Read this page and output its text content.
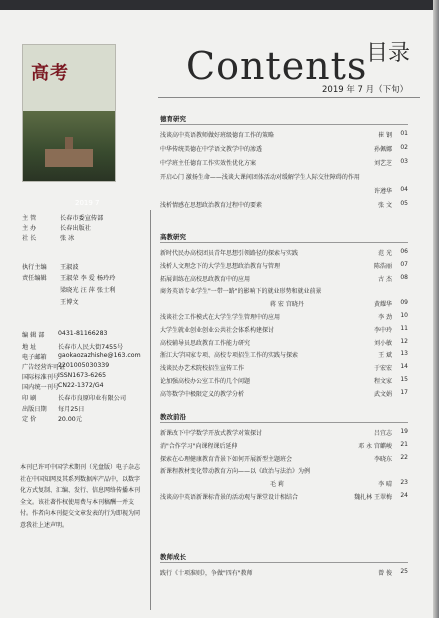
高考
2019 7
Contents
目录
2019 年 7 月（下旬）
德育研究
浅谈高中英语教师做好班级德育工作的策略	崔 钢 01
中华传统美德在中学语文教学中的渗透	孙佩娜 02
中学班主任德育工作实效性优化方案	刘艺芝 03
开启心门 激扬生命——浅谈大课间团体活动对缓解学生人际交往障碍的作用
许遵华 04
浅析情感在思想政治教育过程中的要素	张 文 05
高教研究
新时代民办高校团员青年思想引领路径的探索与实践	范 光 06
浅析人文理念下的大学生思想政治教育与管理	陈浩丽 07
拓展训练在高校思政教育中的应用	古 杰 08
商务英语专业学生"一带一路"的影响下的就业形势和就业前景
蒋 宏 宫晓丹	黄耀华 09
浅谈社会工作模式在大学生学生管理中的应用	李 劲 10
大学生就业创业创业公共社会体系构建探讨	李中玲 11
高校辅导员思政教育工作能力研究	刘小敏 12
浙江大学国家专项、高校专项招生工作的实践与探索	王 斌 13
浅谈民办艺术院校招生宣传工作	于宏宏 14
论加强高校办公室工作的几个问题	程文家 15
高等数学中极限定义的教学分析	武文娟 17
教改前沿
新课改下中学数学开放式教学对策探讨	吕宜志 19
消"合作学习"向课程课后延伸	邓 永 宫麒峻 21
探索在心理健康教育背景下如何开展新型主题班会	李晓东 22
新课程教材变化带动教育方向——以《政治与法治》为例
毛 莉	李 晴 23
浅谈高中英语新课标背景的活动观与课堂设计相结合	魏扎林 王翠梅 24
教师成长
践行《十项准则》，争做"四有"教师	曾 俊 25
主 管	长春市委宣传部
主 办	长春出版社
社 长	张 冰
执行主编 王淑波
责任编辑 王淑荣 李 爱 杨玲玲
梁晓光 汪 萍 张士利
王博文
编 辑 部 0431-81166283
地 址	长春市人民大街7455号
电子邮箱 gaokaozazhishe@163.com
广告经营许可证
2201005030339
国际标准刊号
ISSN1673-6265
国内统一刊号
CN22-1372/G4
印 刷	长春市良原印业有限公司
出版日期 每月25日
定 价	20.00元
本刊已许可中国学术期刊（光盘版）电子杂志社在中国知网及其系列数据库产品中，以数字化方式复制、汇编、发行、信息网络传播本刊全文。该社著作权使用费与本刊稿酬一并支付。作者向本刊提交文章发表的行为即视为同意我社上述声明。
